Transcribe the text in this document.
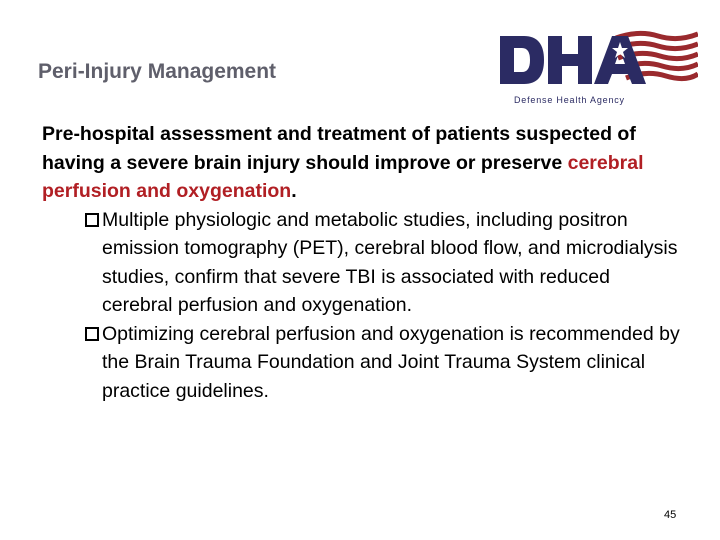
Peri-Injury Management
Defense Health Agency

Pre-hospital assessment and treatment of patients suspected of having a severe brain injury should improve or preserve cerebral perfusion and oxygenation.

Multiple physiologic and metabolic studies, including positron emission tomography (PET), cerebral blood flow, and microdialysis studies, confirm that severe TBI is associated with reduced cerebral perfusion and oxygenation.
Optimizing cerebral perfusion and oxygenation is recommended by the Brain Trauma Foundation and Joint Trauma System clinical practice guidelines.
45
